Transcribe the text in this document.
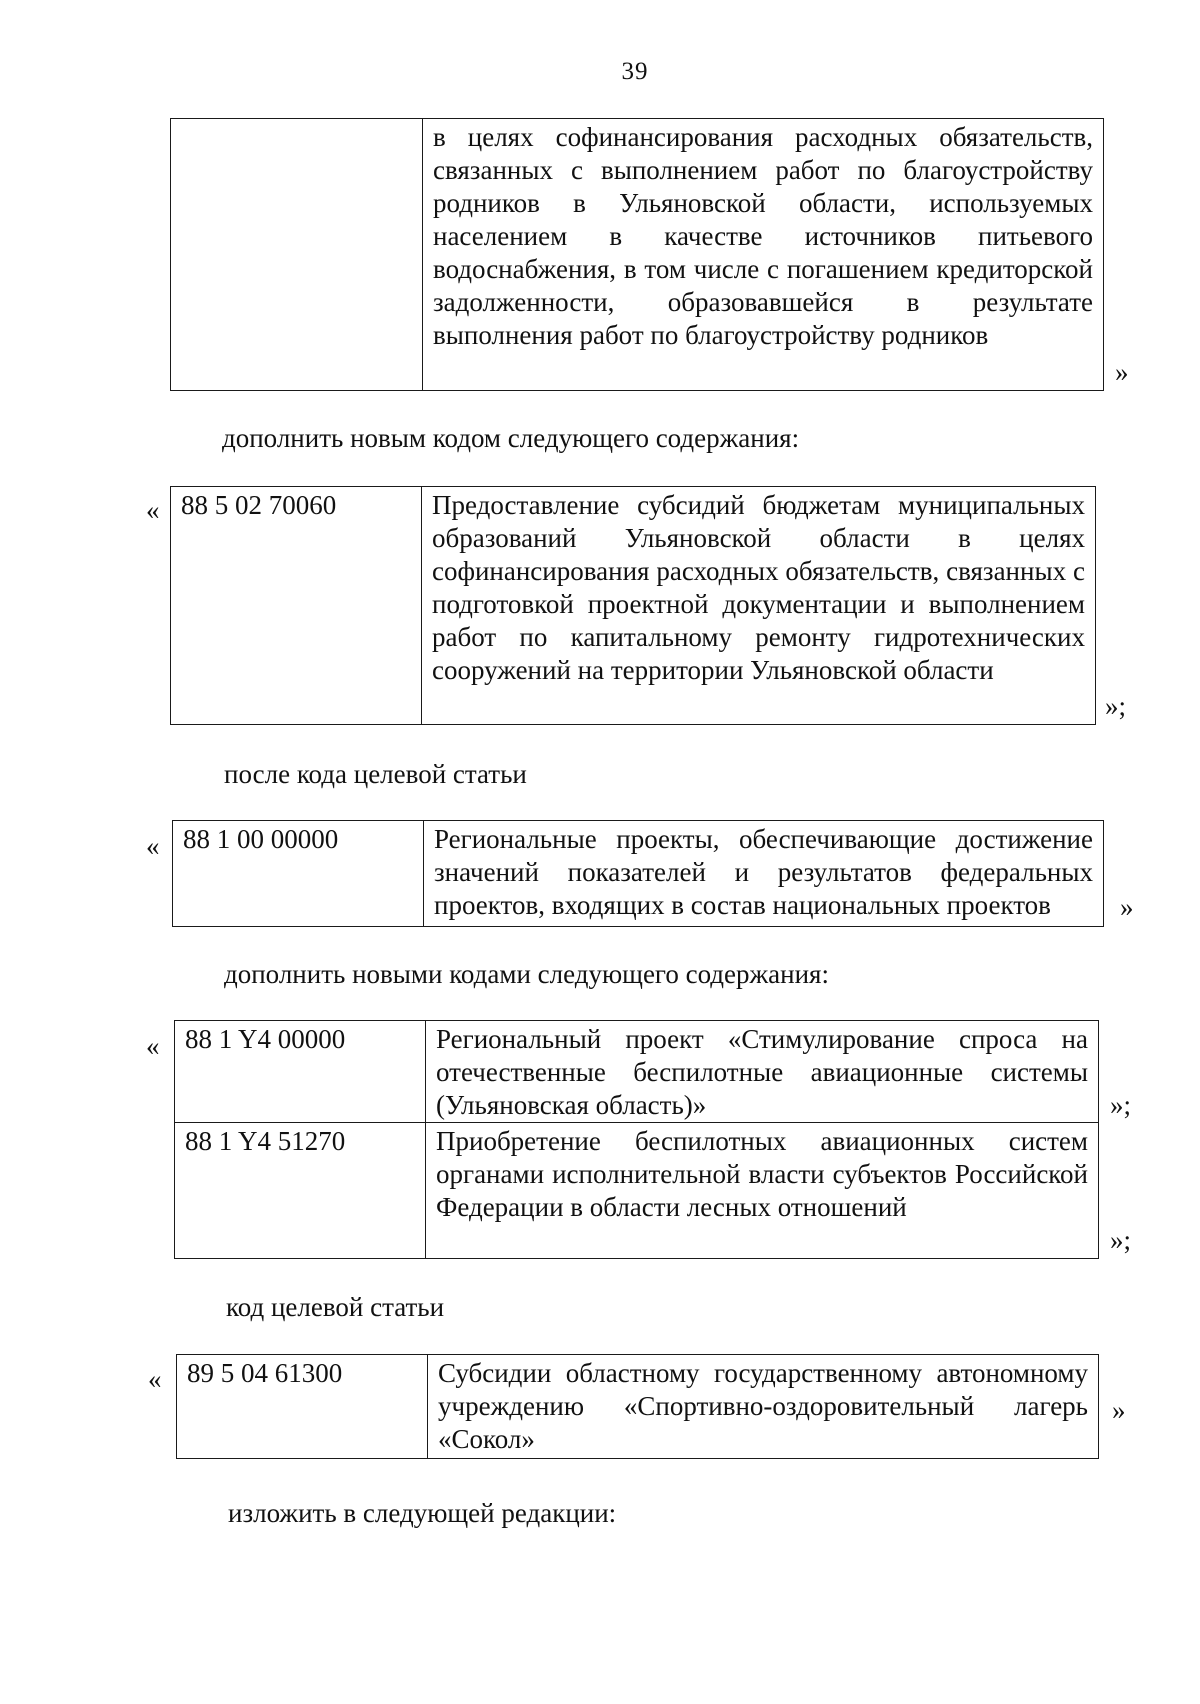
39
	в целях софинансирования расходных обязательств, связанных с выполнением работ по благоустройству родников в Ульяновской области, используемых населением в качестве источников питьевого водоснабжения, в том числе с погашением кредиторской задолженности, образовавшейся в результате выполнения работ по благоустройству родников
»
дополнить новым кодом следующего содержания:
« 88 5 02 70060	Предоставление субсидий бюджетам муниципальных образований Ульяновской области в целях софинансирования расходных обязательств, связанных с подготовкой проектной документации и выполнением работ по капитальному ремонту гидротехнических сооружений на территории Ульяновской области
»;
после кода целевой статьи
« 88 1 00 00000	Региональные проекты, обеспечивающие достижение значений показателей и результатов федеральных проектов, входящих в состав национальных проектов	»
дополнить новыми кодами следующего содержания:
« 88 1 Y4 00000	Региональный проект «Стимулирование спроса на отечественные беспилотные авиационные системы (Ульяновская область)»
88 1 Y4 51270	Приобретение беспилотных авиационных систем органами исполнительной власти субъектов Российской Федерации в области лесных отношений
»;
»;
код целевой статьи
« 89 5 04 61300	Субсидии областному государственному автономному учреждению «Спортивно-оздоровительный лагерь «Сокол»
»
изложить в следующей редакции:
